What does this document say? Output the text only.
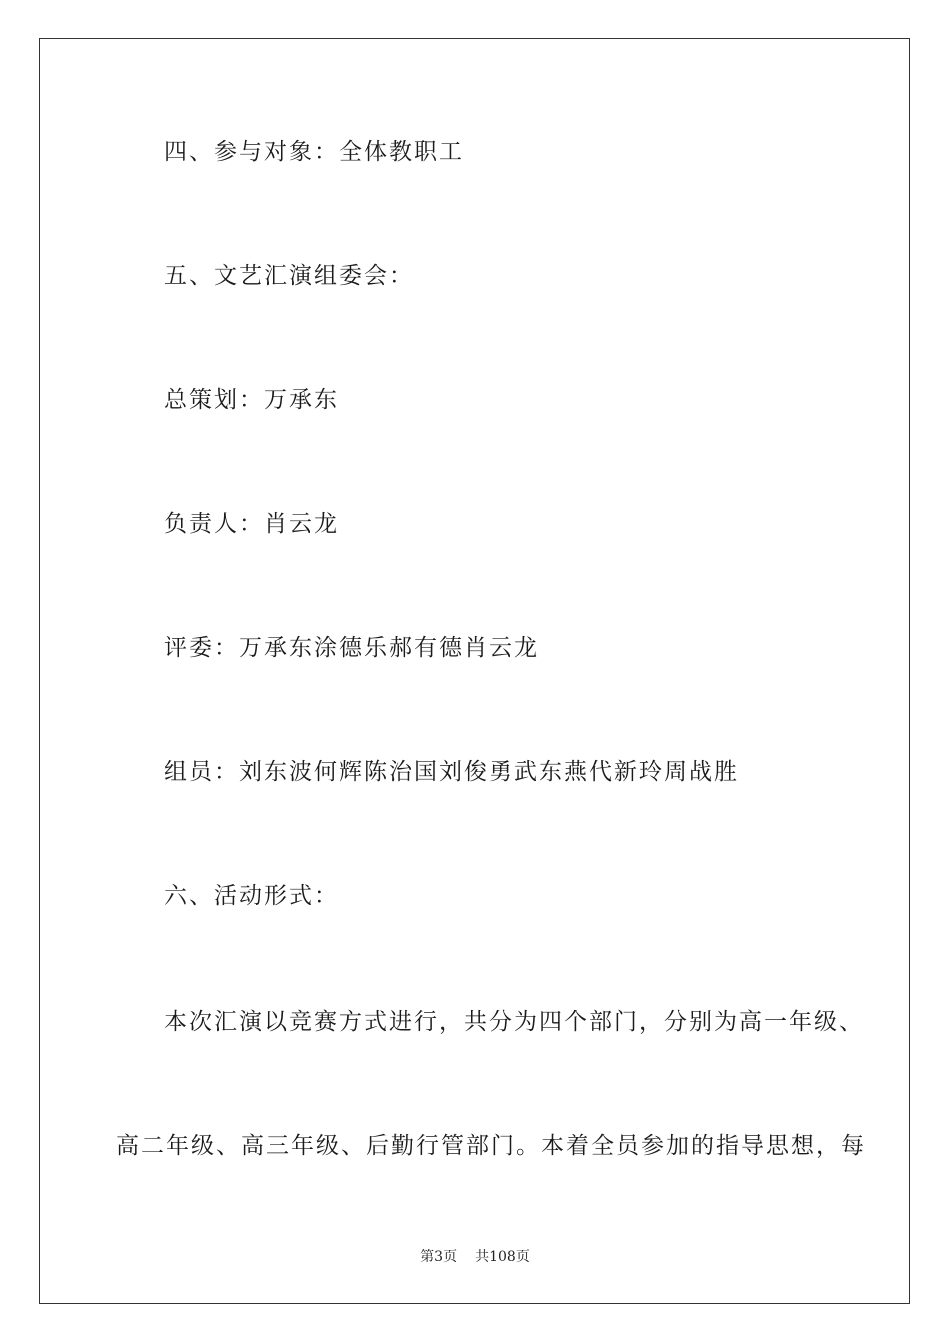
四、参与对象：全体教职工
五、文艺汇演组委会：
总策划：万承东
负责人：肖云龙
评委：万承东涂德乐郝有德肖云龙
组员：刘东波何辉陈治国刘俊勇武东燕代新玲周战胜
六、活动形式：
本次汇演以竞赛方式进行，共分为四个部门，分别为高一年级、
高二年级、高三年级、后勤行管部门。本着全员参加的指导思想，每
第3页 共108页
